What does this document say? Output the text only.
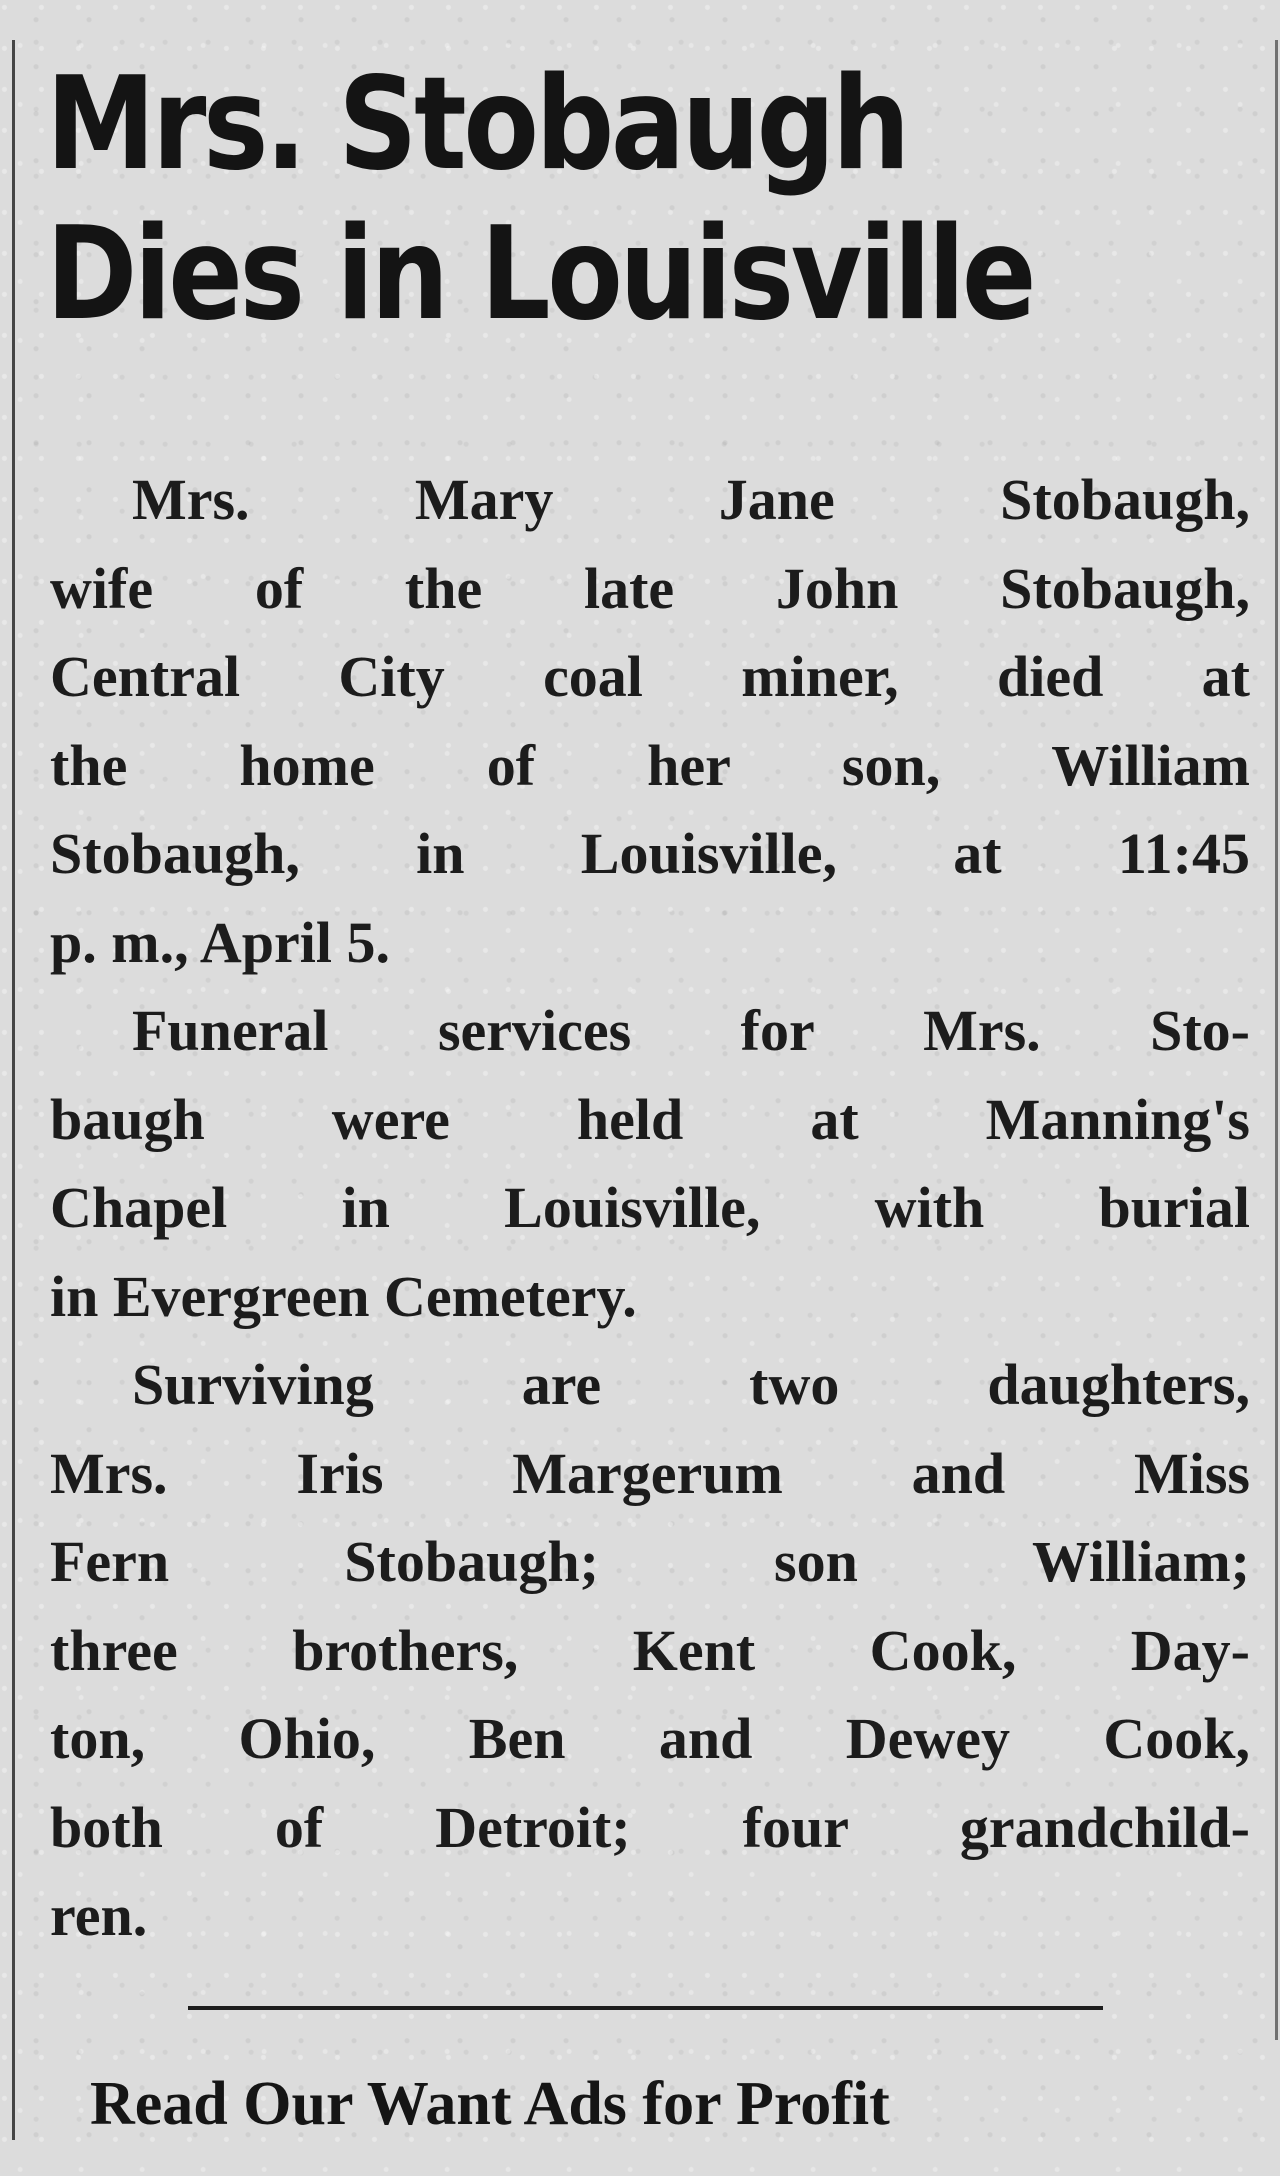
Mrs. Stobaugh
Dies in Louisville
Mrs. Mary Jane Stobaugh,
wife of the late John Stobaugh,
Central City coal miner, died at
the home of her son, William
Stobaugh, in Louisville, at 11:45
p. m., April 5.
Funeral services for Mrs. Sto-
baugh were held at Manning's
Chapel in Louisville, with burial
in Evergreen Cemetery.
Surviving are two daughters,
Mrs. Iris Margerum and Miss
Fern Stobaugh; son William;
three brothers, Kent Cook, Day-
ton, Ohio, Ben and Dewey Cook,
both of Detroit; four grandchild-
ren.

Read Our Want Ads for Profit
